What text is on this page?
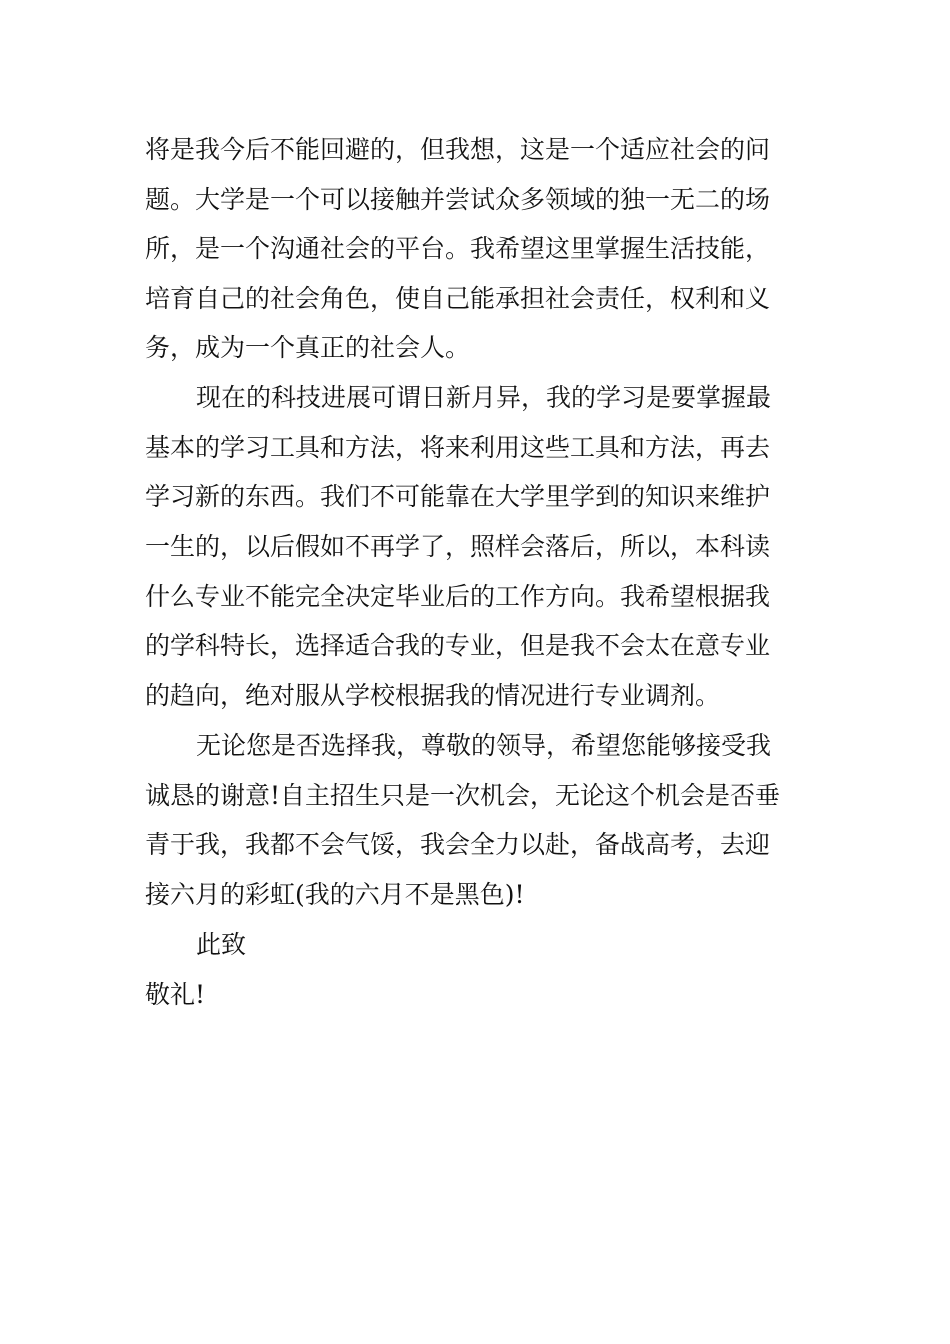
将是我今后不能回避的，但我想，这是一个适应社会的问
题。大学是一个可以接触并尝试众多领域的独一无二的场
所，是一个沟通社会的平台。我希望这里掌握生活技能，
培育自己的社会角色，使自己能承担社会责任，权利和义
务，成为一个真正的社会人。
现在的科技进展可谓日新月异，我的学习是要掌握最
基本的学习工具和方法，将来利用这些工具和方法，再去
学习新的东西。我们不可能靠在大学里学到的知识来维护
一生的，以后假如不再学了，照样会落后，所以，本科读
什么专业不能完全决定毕业后的工作方向。我希望根据我
的学科特长，选择适合我的专业，但是我不会太在意专业
的趋向，绝对服从学校根据我的情况进行专业调剂。
无论您是否选择我，尊敬的领导，希望您能够接受我
诚恳的谢意!自主招生只是一次机会，无论这个机会是否垂
青于我，我都不会气馁，我会全力以赴，备战高考，去迎
接六月的彩虹(我的六月不是黑色)!
此致
敬礼!
